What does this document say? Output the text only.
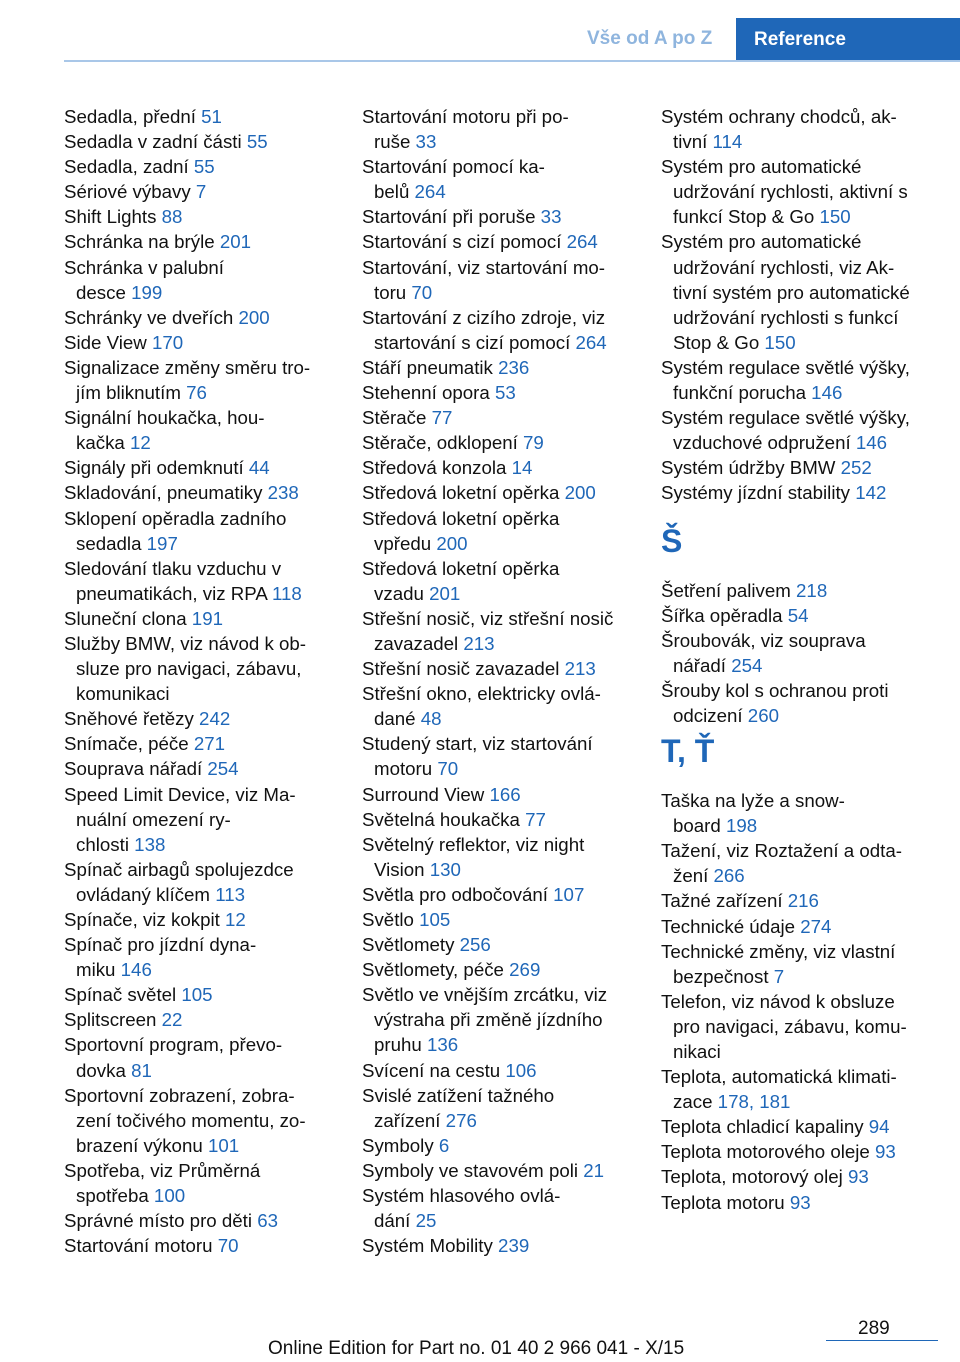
Vše od A po Z Reference
Sedadla, přední 51
Sedadla v zadní části 55
Sedadla, zadní 55
Sériové výbavy 7
Shift Lights 88
Schránka na brýle 201
Schránka v palubní
desce 199
Schránky ve dveřích 200
Side View 170
Signalizace změny směru tro‐
jím bliknutím 76
Signální houkačka, hou‐
kačka 12
Signály při odemknutí 44
Skladování, pneumatiky 238
Sklopení opěradla zadního
sedadla 197
Sledování tlaku vzduchu v
pneumatikách, viz RPA 118
Sluneční clona 191
Služby BMW, viz návod k ob‐
sluze pro navigaci, zábavu,
komunikaci
Sněhové řetězy 242
Snímače, péče 271
Souprava nářadí 254
Speed Limit Device, viz Ma‐
nuální omezení ry‐
chlosti 138
Spínač airbagů spolujezdce
ovládaný klíčem 113
Spínače, viz kokpit 12
Spínač pro jízdní dyna‐
miku 146
Spínač světel 105
Splitscreen 22
Sportovní program, převo‐
dovka 81
Sportovní zobrazení, zobra‐
zení točivého momentu, zo‐
brazení výkonu 101
Spotřeba, viz Průměrná
spotřeba 100
Správné místo pro děti 63
Startování motoru 70
Startování motoru při po‐
ruše 33
Startování pomocí ka‐
belů 264
Startování při poruše 33
Startování s cizí pomocí 264
Startování, viz startování mo‐
toru 70
Startování z cizího zdroje, viz
startování s cizí pomocí 264
Stáří pneumatik 236
Stehenní opora 53
Stěrače 77
Stěrače, odklopení 79
Středová konzola 14
Středová loketní opěrka 200
Středová loketní opěrka
vpředu 200
Středová loketní opěrka
vzadu 201
Střešní nosič, viz střešní nosič
zavazadel 213
Střešní nosič zavazadel 213
Střešní okno, elektricky ovlá‐
dané 48
Studený start, viz startování
motoru 70
Surround View 166
Světelná houkačka 77
Světelný reflektor, viz night
Vision 130
Světla pro odbočování 107
Světlo 105
Světlomety 256
Světlomety, péče 269
Světlo ve vnějším zrcátku, viz
výstraha při změně jízdního
pruhu 136
Svícení na cestu 106
Svislé zatížení tažného
zařízení 276
Symboly 6
Symboly ve stavovém poli 21
Systém hlasového ovlá‐
dání 25
Systém Mobility 239
Systém ochrany chodců, ak‐
tivní 114
Systém pro automatické
udržování rychlosti, aktivní s
funkcí Stop & Go 150
Systém pro automatické
udržování rychlosti, viz Ak‐
tivní systém pro automatické
udržování rychlosti s funkcí
Stop & Go 150
Systém regulace světlé výšky,
funkční porucha 146
Systém regulace světlé výšky,
vzduchové odpružení 146
Systém údržby BMW 252
Systémy jízdní stability 142
Š
Šetření palivem 218
Šířka opěradla 54
Šroubovák, viz souprava
nářadí 254
Šrouby kol s ochranou proti
odcizení 260
T, Ť
Taška na lyže a snow‐
board 198
Tažení, viz Roztažení a odta‐
žení 266
Tažné zařízení 216
Technické údaje 274
Technické změny, viz vlastní
bezpečnost 7
Telefon, viz návod k obsluze
pro navigaci, zábavu, komu‐
nikaci
Teplota, automatická klimati‐
zace 178, 181
Teplota chladicí kapaliny 94
Teplota motorového oleje 93
Teplota, motorový olej 93
Teplota motoru 93
289
Online Edition for Part no. 01 40 2 966 041 - X/15
